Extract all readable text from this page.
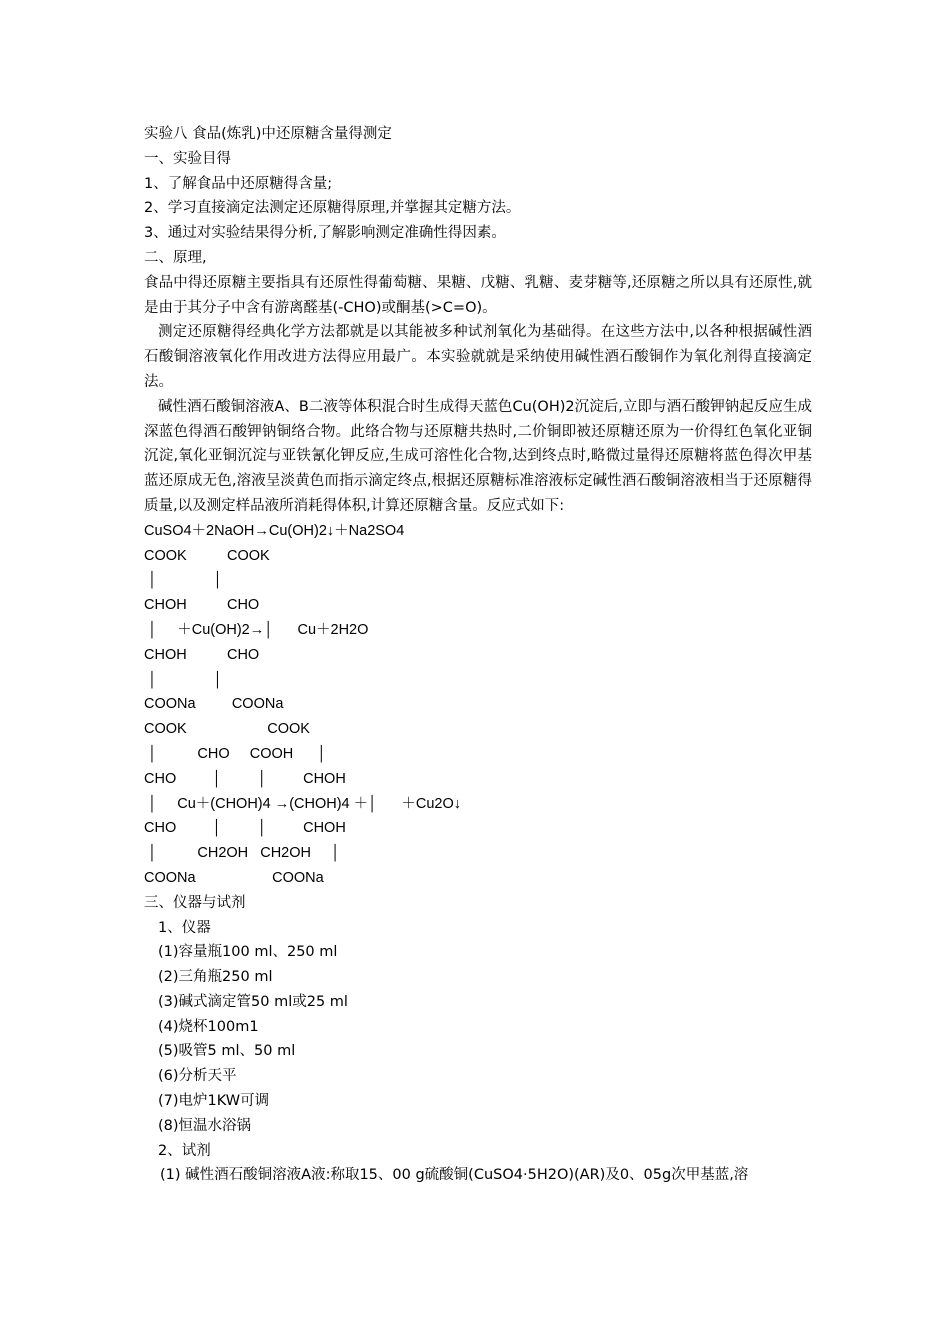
实验八 食品(炼乳)中还原糖含量得测定
一、实验目得
1、了解食品中还原糖得含量;
2、学习直接滴定法测定还原糖得原理,并掌握其定糖方法。
3、通过对实验结果得分析,了解影响测定准确性得因素。
二、原理,
食品中得还原糖主要指具有还原性得葡萄糖、果糖、戊糖、乳糖、麦芽糖等,还原糖之所以具有还原性,就是由于其分子中含有游离醛基(-CHO)或酮基(>C=O)。
测定还原糖得经典化学方法都就是以其能被多种试剂氧化为基础得。在这些方法中,以各种根据碱性酒石酸铜溶液氧化作用改进方法得应用最广。本实验就就是采纳使用碱性酒石酸铜作为氧化剂得直接滴定法。
碱性酒石酸铜溶液A、B二液等体积混合时生成得天蓝色Cu(OH)2沉淀后,立即与酒石酸钾钠起反应生成深蓝色得酒石酸钾钠铜络合物。此络合物与还原糖共热时,二价铜即被还原糖还原为一价得红色氧化亚铜沉淀,氧化亚铜沉淀与亚铁氰化钾反应,生成可溶性化合物,达到终点时,略微过量得还原糖将蓝色得次甲基蓝还原成无色,溶液呈淡黄色而指示滴定终点,根据还原糖标准溶液标定碱性酒石酸铜溶液相当于还原糖得质量,以及测定样品液所消耗得体积,计算还原糖含量。反应式如下:
CuSO4＋2NaOH→Cu(OH)2↓＋Na2SO4
COOK          COOK
│              │
CHOH          CHO
│     ＋Cu(OH)2→│      Cu＋2H2O
CHOH          CHO
│              │
COONa         COONa
COOK                    COOK
│          CHO     COOH      │
CHO         │         │         CHOH
│     Cu＋(CHOH)4 →(CHOH)4 ＋│      ＋Cu2O↓
CHO         │         │         CHOH
│          CH2OH   CH2OH     │
COONa                   COONa
三、仪器与试剂
1、仪器
(1)容量瓶100 ml、250 ml
(2)三角瓶250 ml
(3)碱式滴定管50 ml或25 ml
(4)烧杯100m1
(5)吸管5 ml、50 ml
(6)分析天平
(7)电炉1KW可调
(8)恒温水浴锅
2、试剂
(1) 碱性酒石酸铜溶液A液:称取15、00 g硫酸铜(CuSO4·5H2O)(AR)及0、05g次甲基蓝,溶
